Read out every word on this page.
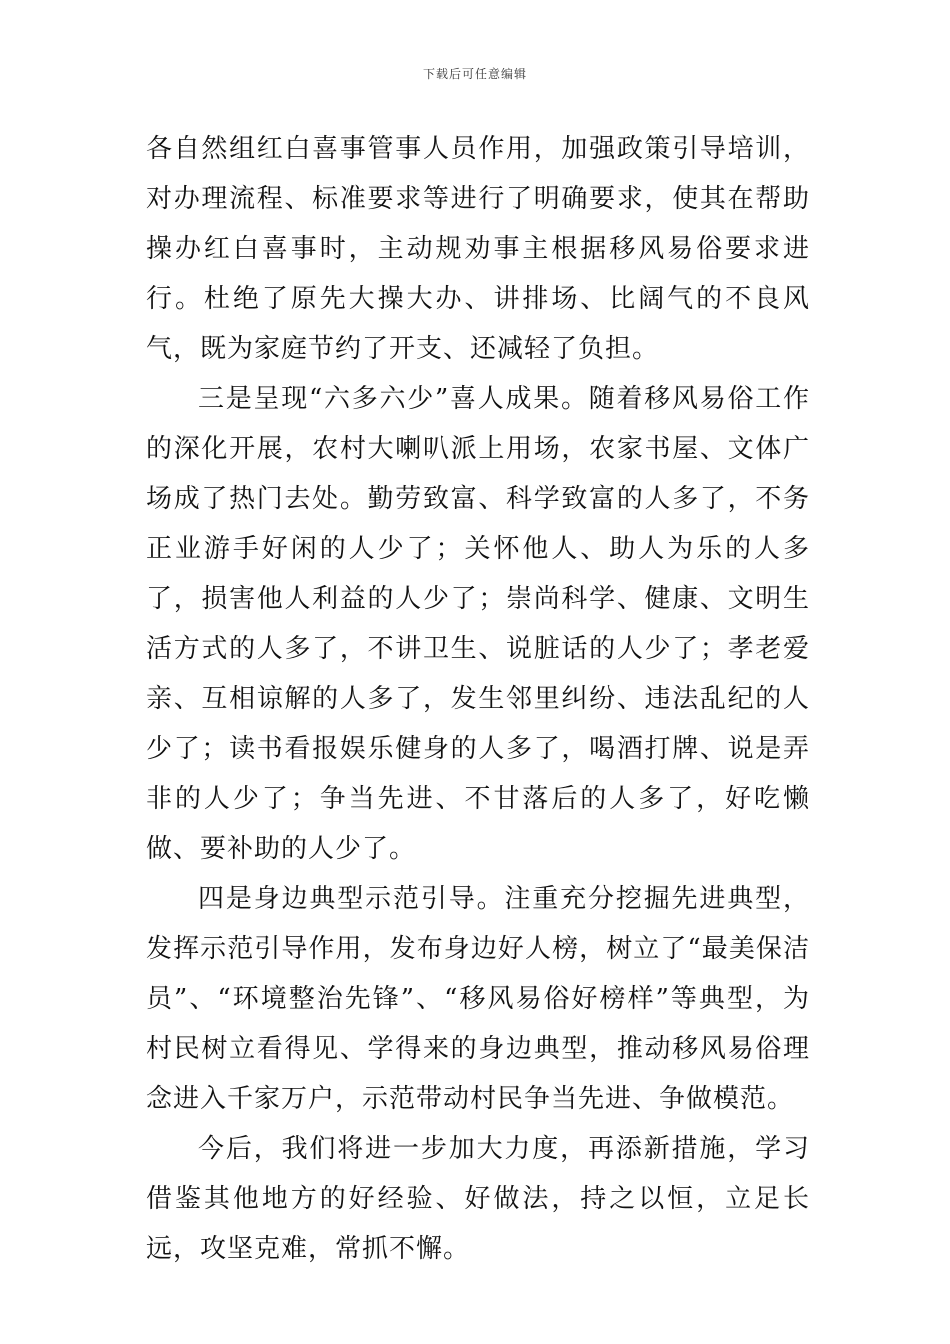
下载后可任意编辑

各自然组红白喜事管事人员作用，加强政策引导培训，对办理流程、标准要求等进行了明确要求，使其在帮助操办红白喜事时，主动规劝事主根据移风易俗要求进行。杜绝了原先大操大办、讲排场、比阔气的不良风气，既为家庭节约了开支、还减轻了负担。

三是呈现“六多六少”喜人成果。随着移风易俗工作的深化开展，农村大喇叭派上用场，农家书屋、文体广场成了热门去处。勤劳致富、科学致富的人多了，不务正业游手好闲的人少了；关怀他人、助人为乐的人多了，损害他人利益的人少了；崇尚科学、健康、文明生活方式的人多了，不讲卫生、说脏话的人少了；孝老爱亲、互相谅解的人多了，发生邻里纠纷、违法乱纪的人少了；读书看报娱乐健身的人多了，喝酒打牌、说是弄非的人少了；争当先进、不甘落后的人多了，好吃懒做、要补助的人少了。

四是身边典型示范引导。注重充分挖掘先进典型，发挥示范引导作用，发布身边好人榜，树立了“最美保洁员”、“环境整治先锋”、“移风易俗好榜样”等典型，为村民树立看得见、学得来的身边典型，推动移风易俗理念进入千家万户，示范带动村民争当先进、争做模范。

今后，我们将进一步加大力度，再添新措施，学习借鉴其他地方的好经验、好做法，持之以恒，立足长远，攻坚克难，常抓不懈。
